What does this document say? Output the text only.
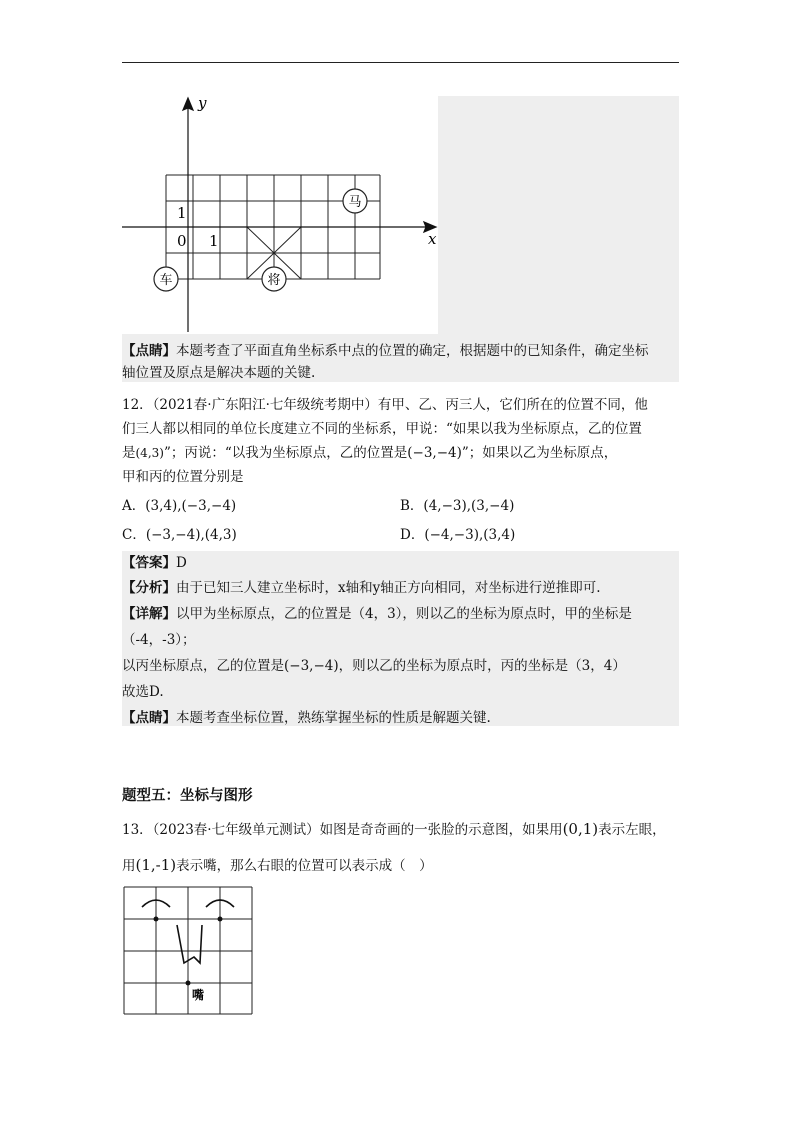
x
y
0 1
1
马
车	将
【点睛】本题考查了平面直角坐标系中点的位置的确定，根据题中的已知条件，确定坐标
轴位置及原点是解决本题的关键.
12．（2021春·广东阳江·七年级统考期中）有甲、乙、丙三人，它们所在的位置不同，他
们三人都以相同的单位长度建立不同的坐标系，甲说：“如果以我为坐标原点，乙的位置
是(4,3)”；丙说：“以我为坐标原点，乙的位置是(−3,−4)”；如果以乙为坐标原点，
甲和丙的位置分别是
A．(3,4),(−3,−4)	B．(4,−3),(3,−4)
C．(−3,−4),(4,3)	D．(−4,−3),(3,4)
【答案】D
【分析】由于已知三人建立坐标时，x轴和y轴正方向相同，对坐标进行逆推即可.
【详解】以甲为坐标原点，乙的位置是（4，3），则以乙的坐标为原点时，甲的坐标是
（-4，-3）；
以丙坐标原点，乙的位置是(−3,−4)，则以乙的坐标为原点时，丙的坐标是（3，4）
故选D.
【点睛】本题考查坐标位置，熟练掌握坐标的性质是解题关键.
题型五：坐标与图形
13．（2023春·七年级单元测试）如图是奇奇画的一张脸的示意图，如果用(0,1)表示左眼，
用(1,-1)表示嘴，那么右眼的位置可以表示成（　）
嘴
